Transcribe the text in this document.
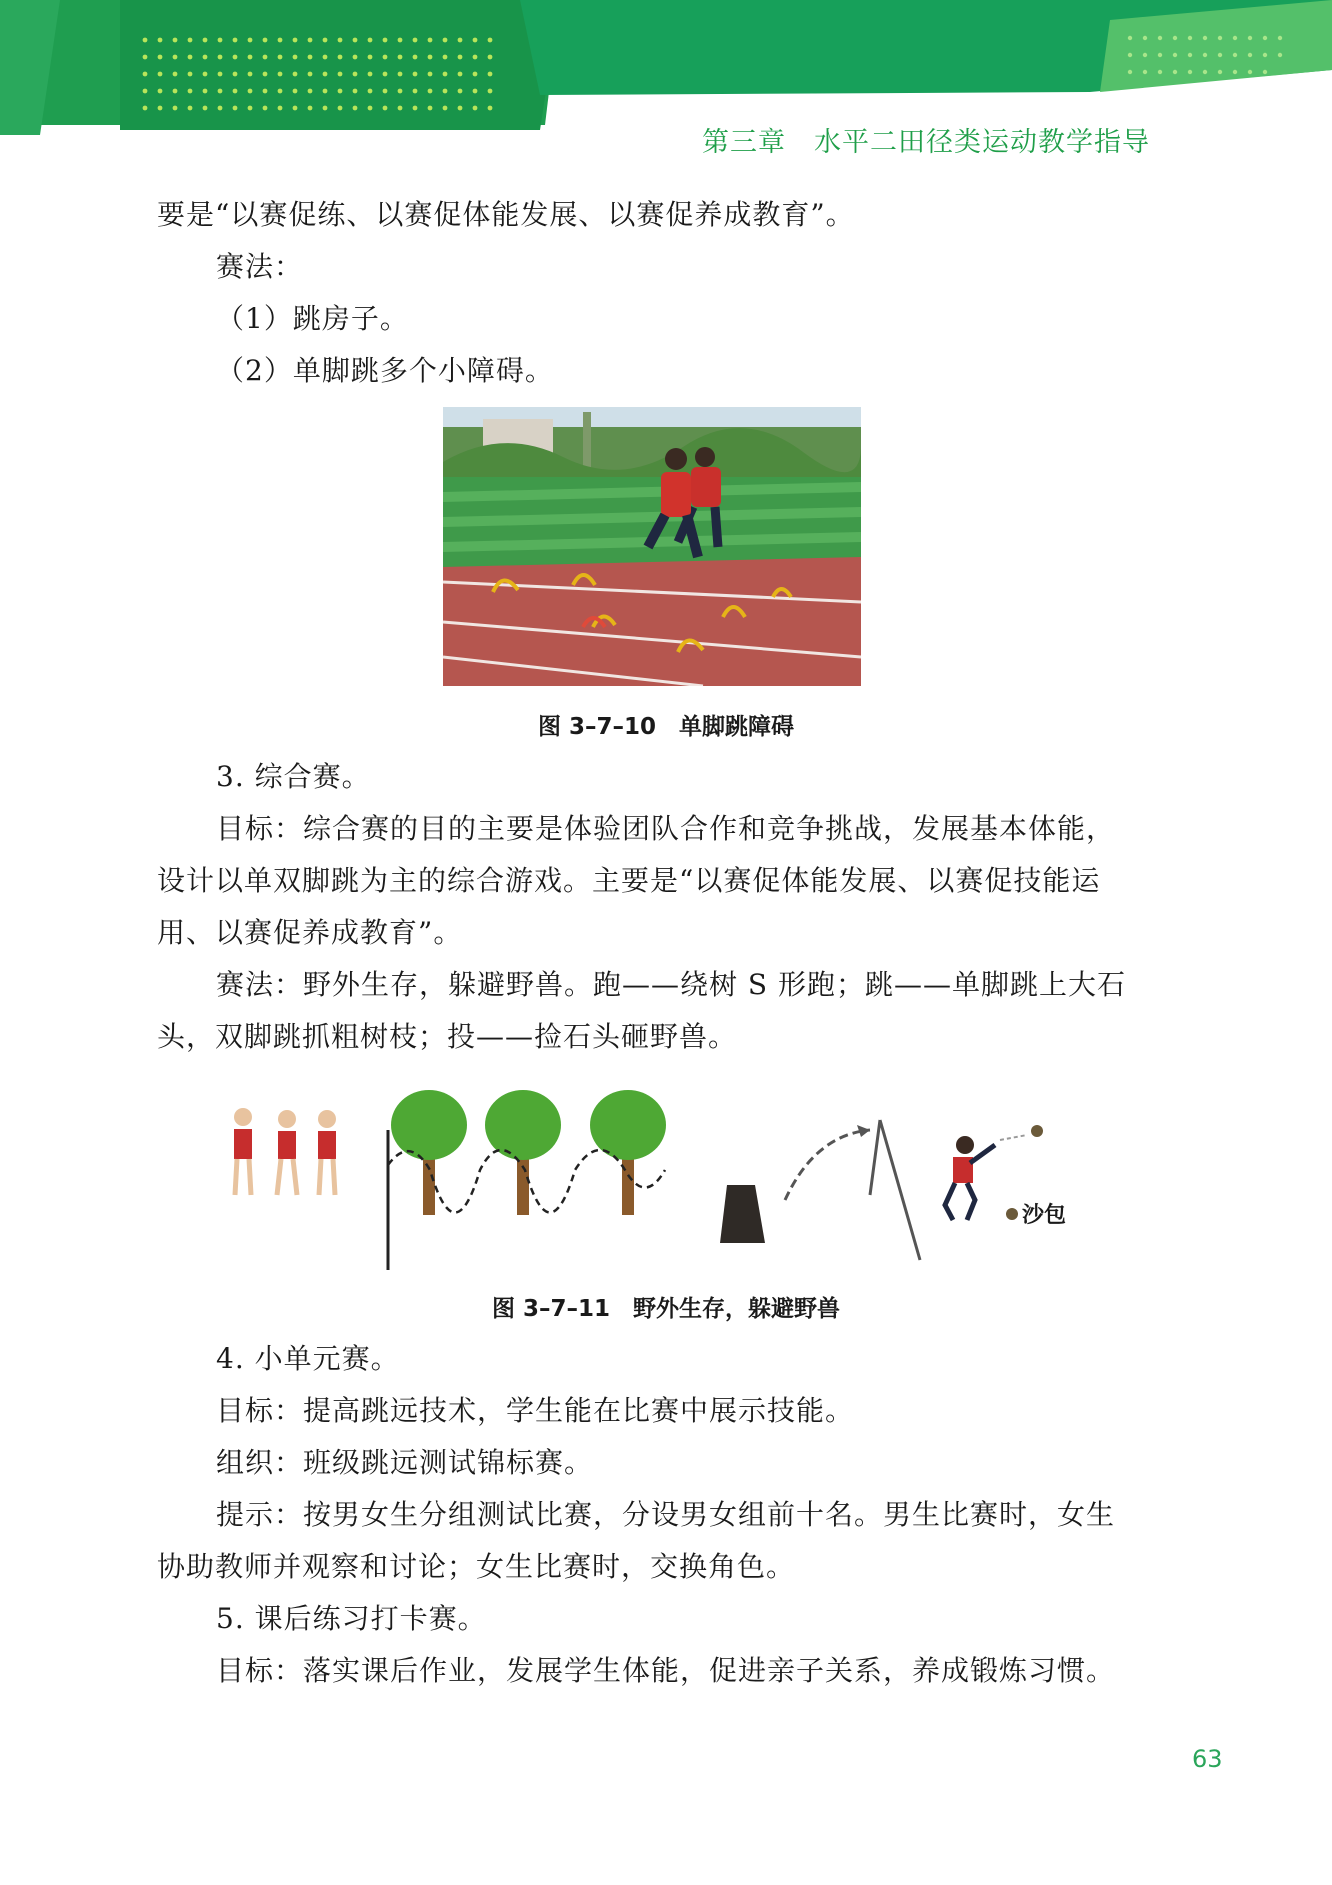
第三章　水平二田径类运动教学指导
要是“以赛促练、以赛促体能发展、以赛促养成教育”。
赛法：
（1）跳房子。
（2）单脚跳多个小障碍。
图 3–7–10　单脚跳障碍
3. 综合赛。
目标：综合赛的目的主要是体验团队合作和竞争挑战，发展基本体能，
设计以单双脚跳为主的综合游戏。主要是“以赛促体能发展、以赛促技能运
用、以赛促养成教育”。
赛法：野外生存，躲避野兽。跑——绕树 S 形跑；跳——单脚跳上大石
头，双脚跳抓粗树枝；投——捡石头砸野兽。
沙包
图 3–7–11　野外生存，躲避野兽
4. 小单元赛。
目标：提高跳远技术，学生能在比赛中展示技能。
组织：班级跳远测试锦标赛。
提示：按男女生分组测试比赛，分设男女组前十名。男生比赛时，女生
协助教师并观察和讨论；女生比赛时，交换角色。
5. 课后练习打卡赛。
目标：落实课后作业，发展学生体能，促进亲子关系，养成锻炼习惯。
63
